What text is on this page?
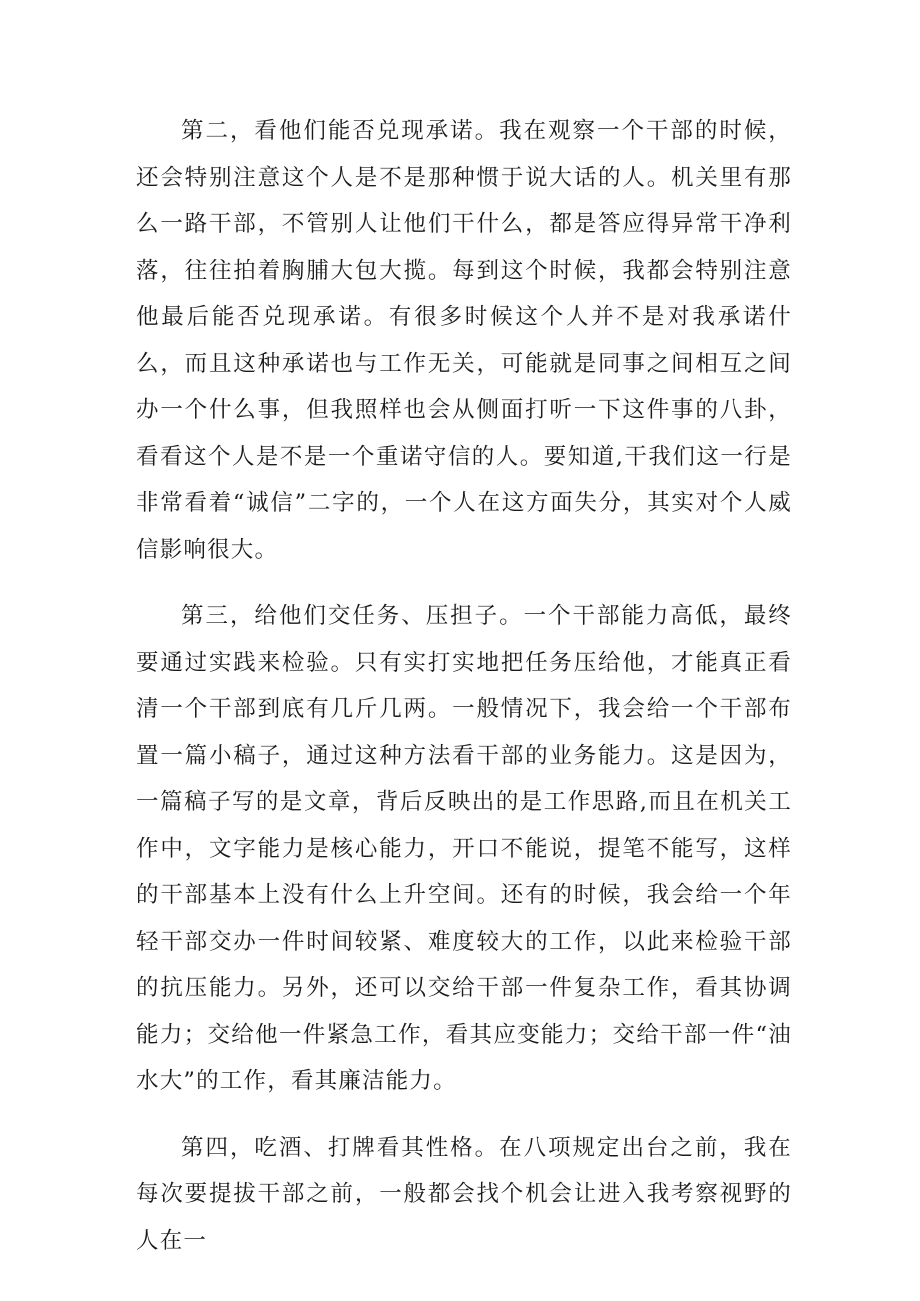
第二，看他们能否兑现承诺。我在观察一个干部的时候，还会特别注意这个人是不是那种惯于说大话的人。机关里有那么一路干部，不管别人让他们干什么，都是答应得异常干净利落，往往拍着胸脯大包大揽。每到这个时候，我都会特别注意他最后能否兑现承诺。有很多时候这个人并不是对我承诺什么，而且这种承诺也与工作无关，可能就是同事之间相互之间办一个什么事，但我照样也会从侧面打听一下这件事的八卦，看看这个人是不是一个重诺守信的人。要知道,干我们这一行是非常看着“诚信”二字的，一个人在这方面失分，其实对个人威信影响很大。

第三，给他们交任务、压担子。一个干部能力高低，最终要通过实践来检验。只有实打实地把任务压给他，才能真正看清一个干部到底有几斤几两。一般情况下，我会给一个干部布置一篇小稿子，通过这种方法看干部的业务能力。这是因为，一篇稿子写的是文章，背后反映出的是工作思路,而且在机关工作中，文字能力是核心能力，开口不能说，提笔不能写，这样的干部基本上没有什么上升空间。还有的时候，我会给一个年轻干部交办一件时间较紧、难度较大的工作，以此来检验干部的抗压能力。另外，还可以交给干部一件复杂工作，看其协调能力；交给他一件紧急工作，看其应变能力；交给干部一件“油水大”的工作，看其廉洁能力。

第四，吃酒、打牌看其性格。在八项规定出台之前，我在每次要提拔干部之前，一般都会找个机会让进入我考察视野的人在一
